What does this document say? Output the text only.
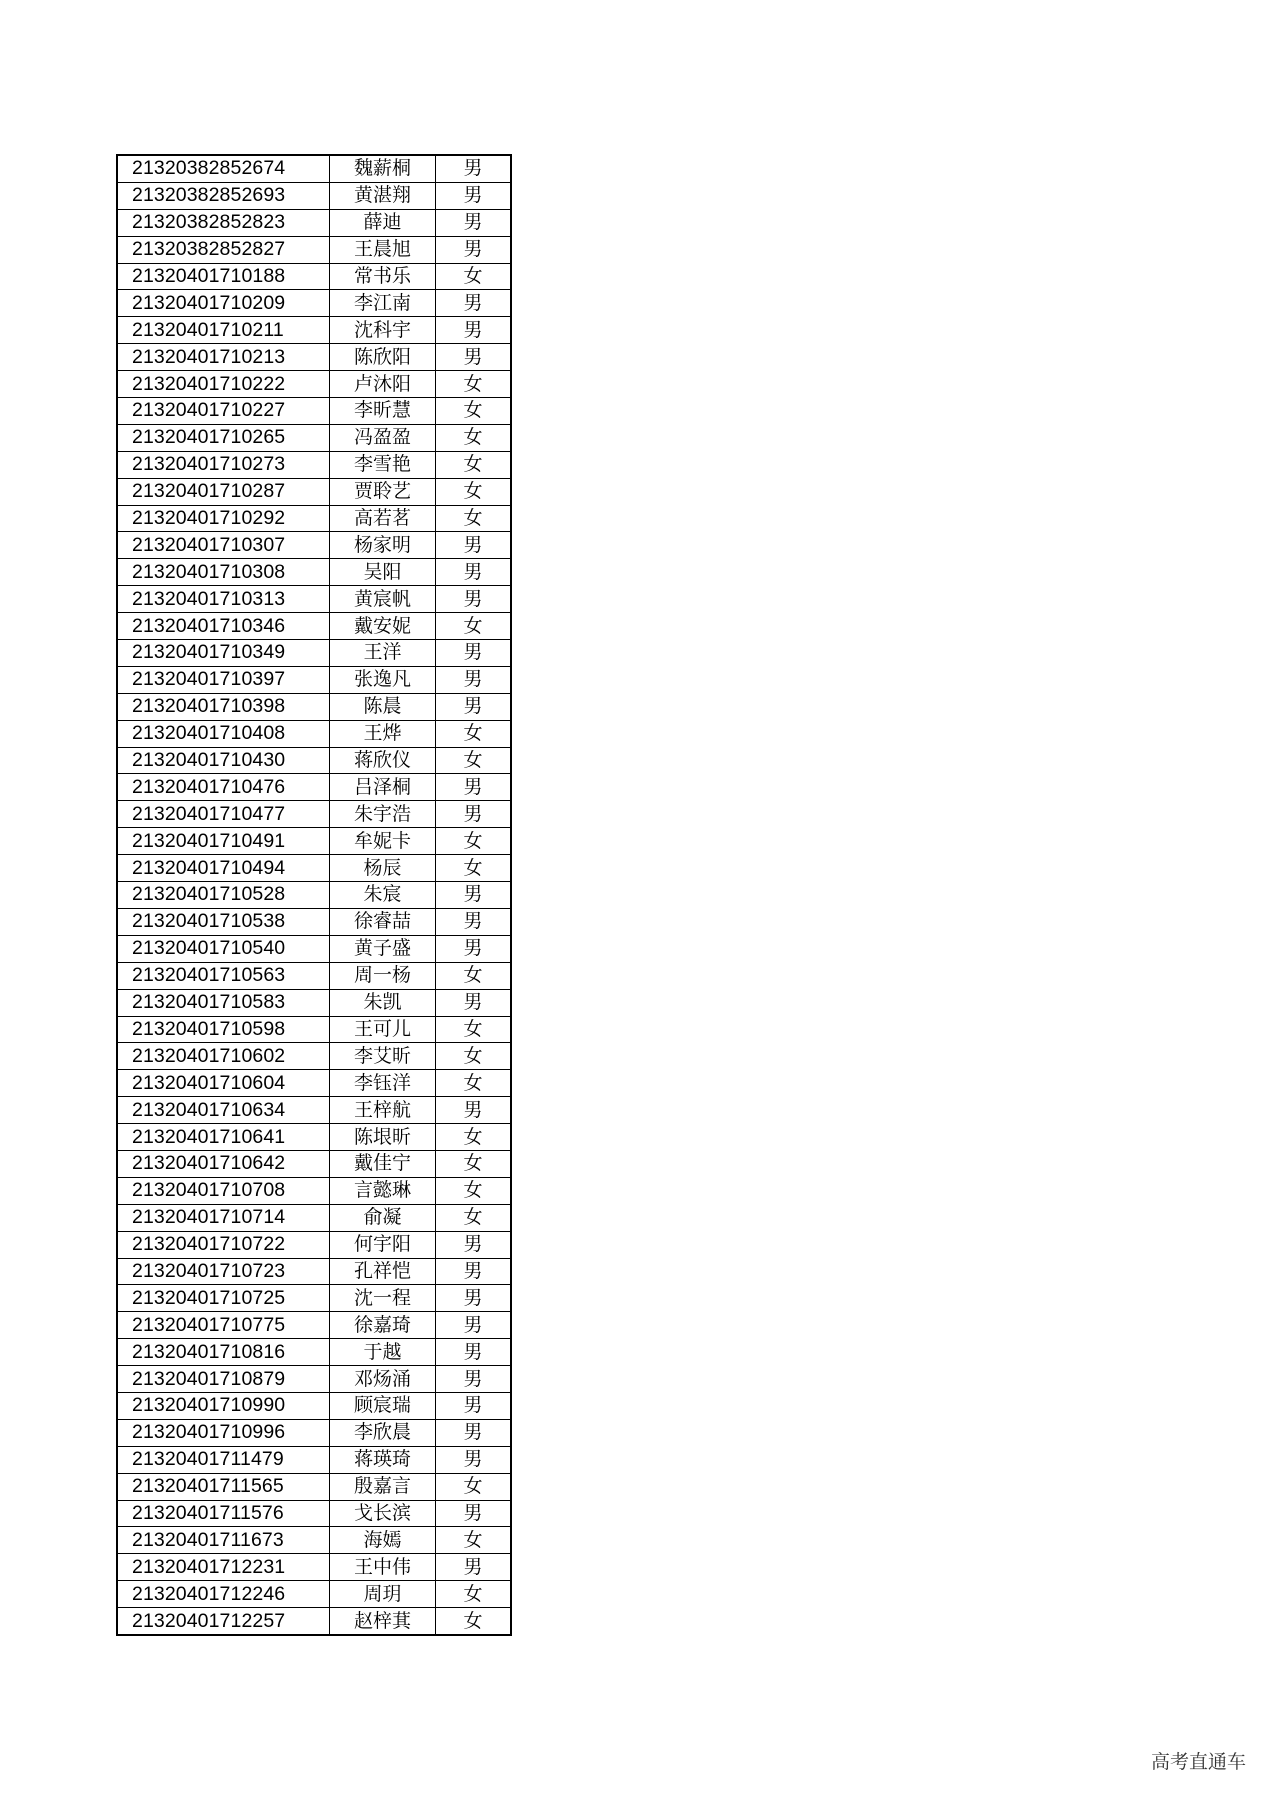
21320382852674	魏薪桐	男
21320382852693	黄湛翔	男
21320382852823	薛迪	男
21320382852827	王晨旭	男
21320401710188	常书乐	女
21320401710209	李江南	男
21320401710211	沈科宇	男
21320401710213	陈欣阳	男
21320401710222	卢沐阳	女
21320401710227	李昕慧	女
21320401710265	冯盈盈	女
21320401710273	李雪艳	女
21320401710287	贾聆艺	女
21320401710292	高若茗	女
21320401710307	杨家明	男
21320401710308	吴阳	男
21320401710313	黄宸帆	男
21320401710346	戴安妮	女
21320401710349	王洋	男
21320401710397	张逸凡	男
21320401710398	陈晨	男
21320401710408	王烨	女
21320401710430	蒋欣仪	女
21320401710476	吕泽桐	男
21320401710477	朱宇浩	男
21320401710491	牟妮卡	女
21320401710494	杨辰	女
21320401710528	朱宸	男
21320401710538	徐睿喆	男
21320401710540	黄子盛	男
21320401710563	周一杨	女
21320401710583	朱凯	男
21320401710598	王可儿	女
21320401710602	李艾昕	女
21320401710604	李钰洋	女
21320401710634	王梓航	男
21320401710641	陈垠昕	女
21320401710642	戴佳宁	女
21320401710708	言懿琳	女
21320401710714	俞凝	女
21320401710722	何宇阳	男
21320401710723	孔祥恺	男
21320401710725	沈一程	男
21320401710775	徐嘉琦	男
21320401710816	于越	男
21320401710879	邓炀涌	男
21320401710990	顾宸瑞	男
21320401710996	李欣晨	男
21320401711479	蒋瑛琦	男
21320401711565	殷嘉言	女
21320401711576	戈长滨	男
21320401711673	海嫣	女
21320401712231	王中伟	男
21320401712246	周玥	女
21320401712257	赵梓萁	女
高考直通车
